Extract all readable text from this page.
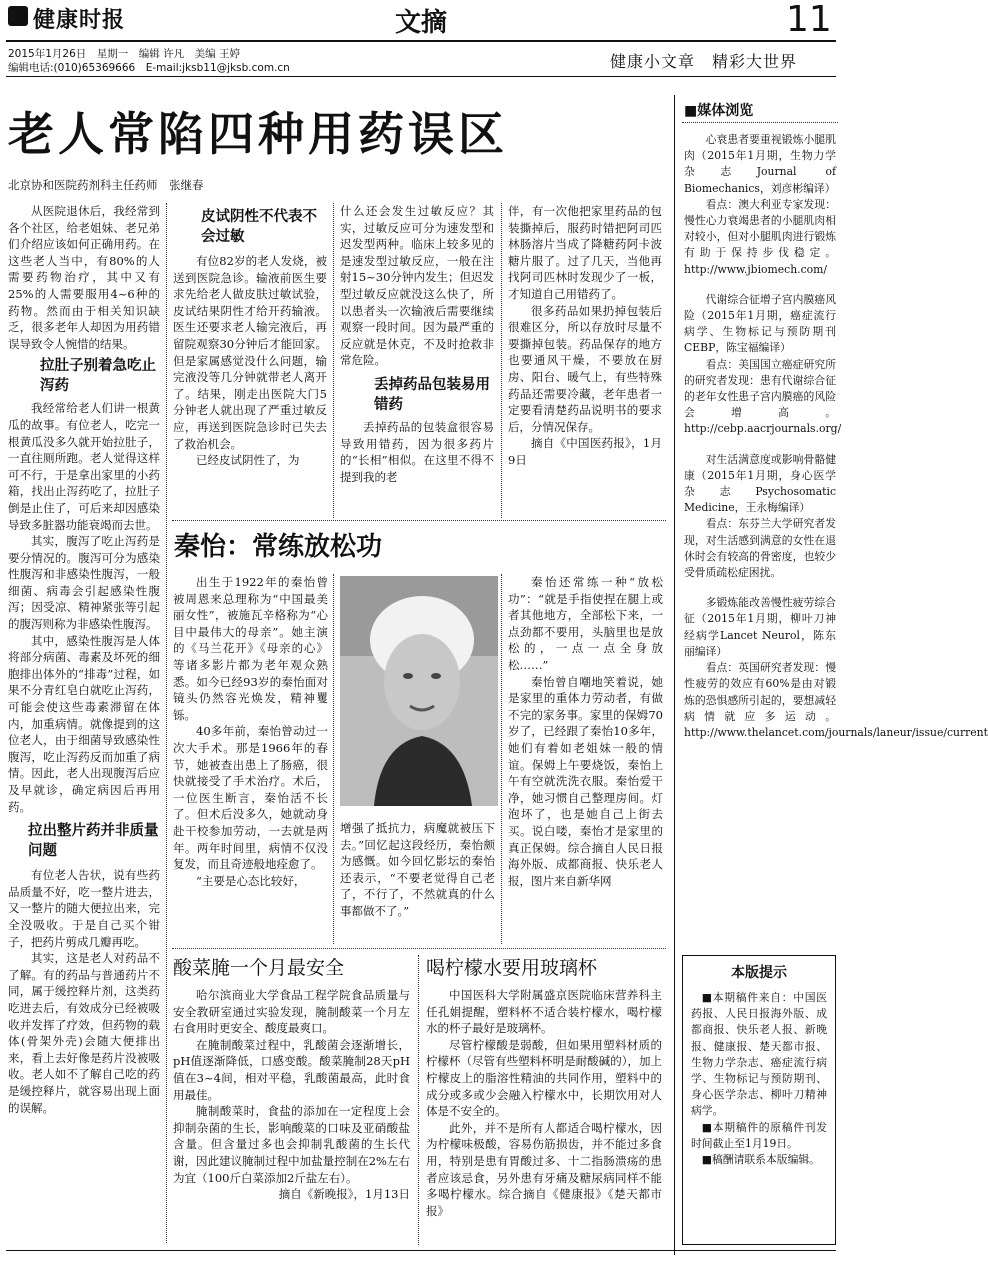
健康时报	文摘	11
2015年1月26日　星期一　编辑 许凡　美编 王婷
编辑电话:(010)65369666　E-mail:jksb11@jksb.com.cn	健康小文章　精彩大世界
老人常陷四种用药误区
北京协和医院药剂科主任药师　张继春

从医院退休后，我经常到各个社区，给老姐妹、老兄弟们介绍应该如何正确用药。在这些老人当中，有80%的人需要药物治疗，其中又有25%的人需要服用4~6种的药物。然而由于相关知识缺乏，很多老年人却因为用药错误导致令人惋惜的结果。

拉肚子别着急吃止泻药

我经常给老人们讲一根黄瓜的故事。有位老人，吃完一根黄瓜没多久就开始拉肚子，一直往厕所跑。老人觉得这样可不行，于是拿出家里的小药箱，找出止泻药吃了，拉肚子倒是止住了，可后来却因感染导致多脏器功能衰竭而去世。

其实，腹泻了吃止泻药是要分情况的。腹泻可分为感染性腹泻和非感染性腹泻，一般细菌、病毒会引起感染性腹泻；因受凉、精神紧张等引起的腹泻则称为非感染性腹泻。

其中，感染性腹泻是人体将部分病菌、毒素及坏死的细胞排出体外的“排毒”过程，如果不分青红皂白就吃止泻药，可能会使这些毒素滞留在体内，加重病情。就像提到的这位老人，由于细菌导致感染性腹泻，吃止泻药反而加重了病情。因此，老人出现腹泻后应及早就诊，确定病因后再用药。

拉出整片药并非质量问题

有位老人告状，说有些药品质量不好，吃一整片进去，又一整片的随大便拉出来，完全没吸收。于是自己买个钳子，把药片剪成几瓣再吃。

其实，这是老人对药品不了解。有的药品与普通药片不同，属于缓控释片剂，这类药吃进去后，有效成分已经被吸收并发挥了疗效，但药物的载体(骨架外壳)会随大便排出来，看上去好像是药片没被吸收。老人如不了解自己吃的药是缓控释片，就容易出现上面的误解。

皮试阴性不代表不会过敏

有位82岁的老人发烧，被送到医院急诊。输液前医生要求先给老人做皮肤过敏试验，皮试结果阴性才给开药输液。医生还要求老人输完液后，再留院观察30分钟后才能回家。但是家属感觉没什么问题，输完液没等几分钟就带老人离开了。结果，刚走出医院大门5分钟老人就出现了严重过敏反应，再送到医院急诊时已失去了救治机会。

已经皮试阴性了，为

什么还会发生过敏反应？其实，过敏反应可分为速发型和迟发型两种。临床上较多见的是速发型过敏反应，一般在注射15~30分钟内发生；但迟发型过敏反应就没这么快了，所以患者头一次输液后需要继续观察一段时间。因为最严重的反应就是休克，不及时抢救非常危险。

丢掉药品包装易用错药

丢掉药品的包装盒很容易导致用错药，因为很多药片的“长相”相似。在这里不得不提到我的老

伴，有一次他把家里药品的包装撕掉后，服药时错把阿司匹林肠溶片当成了降糖药阿卡波糖片服了。过了几天，当他再找阿司匹林时发现少了一板，才知道自己用错药了。

很多药品如果扔掉包装后很难区分，所以存放时尽量不要撕掉包装。药品保存的地方也要通风干燥，不要放在厨房、阳台、暖气上，有些特殊药品还需要冷藏，老年患者一定要看清楚药品说明书的要求后，分情况保存。

摘自《中国医药报》，1月9日

秦怡：常练放松功

出生于1922年的秦怡曾被周恩来总理称为“中国最美丽女性”，被施瓦辛格称为“心目中最伟大的母亲”。她主演的《马兰花开》《母亲的心》等诸多影片都为老年观众熟悉。如今已经93岁的秦怡面对镜头仍然容光焕发，精神矍铄。

40多年前，秦怡曾动过一次大手术。那是1966年的春节，她被查出患上了肠癌，很快就接受了手术治疗。术后，一位医生断言，秦怡活不长了。但术后没多久，她就动身赴干校参加劳动，一去就是两年。两年时间里，病情不仅没复发，而且奇迹般地痊愈了。

“主要是心态比较好，

增强了抵抗力，病魔就被压下去。”回忆起这段经历，秦怡颇为感慨。如今回忆影坛的秦怡还表示，“不要老觉得自己老了，不行了，不然就真的什么事都做不了。”

秦怡还常练一种“放松功”：“就是手指使捏在腿上或者其他地方，全部松下来，一点劲都不要用，头脑里也是放松的，一点一点全身放松……”

秦怡曾自嘲地笑着说，她是家里的重体力劳动者，有做不完的家务事。家里的保姆70岁了，已经跟了秦怡10多年，她们有着如老姐妹一般的情谊。保姆上午要烧饭，秦怡上午有空就洗洗衣服。秦怡爱干净，她习惯自己整理房间。灯泡坏了，也是她自己上街去买。说白喽，秦怡才是家里的真正保姆。综合摘自人民日报海外版、成都商报、快乐老人报，图片来自新华网

酸菜腌一个月最安全

哈尔滨商业大学食品工程学院食品质量与安全教研室通过实验发现，腌制酸菜一个月左右食用时更安全、酸度最爽口。

在腌制酸菜过程中，乳酸菌会逐渐增长，pH值逐渐降低，口感变酸。酸菜腌制28天pH值在3~4间，相对平稳，乳酸菌最高，此时食用最佳。

腌制酸菜时，食盐的添加在一定程度上会抑制杂菌的生长，影响酸菜的口味及亚硝酸盐含量。但含量过多也会抑制乳酸菌的生长代谢，因此建议腌制过程中加盐量控制在2%左右为宜（100斤白菜添加2斤盐左右）。

摘自《新晚报》，1月13日

喝柠檬水要用玻璃杯

中国医科大学附属盛京医院临床营养科主任孔娟提醒，塑料杯不适合装柠檬水，喝柠檬水的杯子最好是玻璃杯。

尽管柠檬酸是弱酸，但如果用塑料材质的柠檬杯（尽管有些塑料杯明是耐酸碱的），加上柠檬皮上的脂溶性精油的共同作用，塑料中的成分或多或少会融入柠檬水中，长期饮用对人体是不安全的。

此外，并不是所有人都适合喝柠檬水，因为柠檬味极酸，容易伤筋损齿，并不能过多食用，特别是患有胃酸过多、十二指肠溃疡的患者应该忌食，另外患有牙痛及糖尿病同样不能多喝柠檬水。综合摘自《健康报》《楚天都市报》

■媒体浏览

心衰患者要重视锻炼小腿肌肉（2015年1月期，生物力学杂志Journal of Biomechanics，刘彦彬编译）

看点：澳大利亚专家发现：慢性心力衰竭患者的小腿肌肉相对较小，但对小腿肌肉进行锻炼有助于保持步伐稳定。http://www.jbiomech.com/

代谢综合征增子宫内膜癌风险（2015年1月期，癌症流行病学、生物标记与预防期刊CEBP，陈宝福编译）

看点：美国国立癌症研究所的研究者发现：患有代谢综合征的老年女性患子宫内膜癌的风险会增高。http://cebp.aacrjournals.org/

对生活满意度或影响骨骼健康（2015年1月期，身心医学杂志Psychosomatic Medicine，王永梅编译）

看点：东芬兰大学研究者发现，对生活感到满意的女性在退休时会有较高的骨密度，也较少受骨质疏松症困扰。

多锻炼能改善慢性疲劳综合征（2015年1月期，柳叶刀神经病学Lancet Neurol，陈东丽编译）

看点：英国研究者发现：慢性疲劳的效应有60%是由对锻炼的恐惧感所引起的，要想减轻病情就应多运动。http://www.thelancet.com/journals/laneur/issue/current

本版提示

■本期稿件来自：中国医药报、人民日报海外版、成都商报、快乐老人报、新晚报、健康报、楚天都市报、生物力学杂志、癌症流行病学、生物标记与预防期刊、身心医学杂志、柳叶刀精神病学。

■本期稿件的原稿件刊发时间截止至1月19日。

■稿酬请联系本版编辑。
